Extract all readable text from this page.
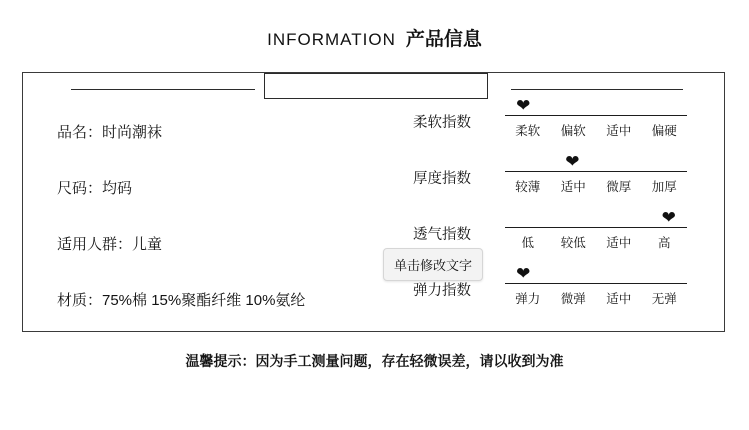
INFORMATION 产品信息
品名：时尚潮袜
尺码：均码
适用人群：儿童
材质：75%棉 15%聚酯纤维 10%氨纶
柔软指数
❤
柔软	偏软	适中	偏硬
厚度指数
❤
较薄	适中	微厚	加厚
透气指数
❤
低	较低	适中	高
弹力指数
❤
弹力	微弹	适中	无弹
单击修改文字
温馨提示：因为手工测量问题，存在轻微误差，请以收到为准
